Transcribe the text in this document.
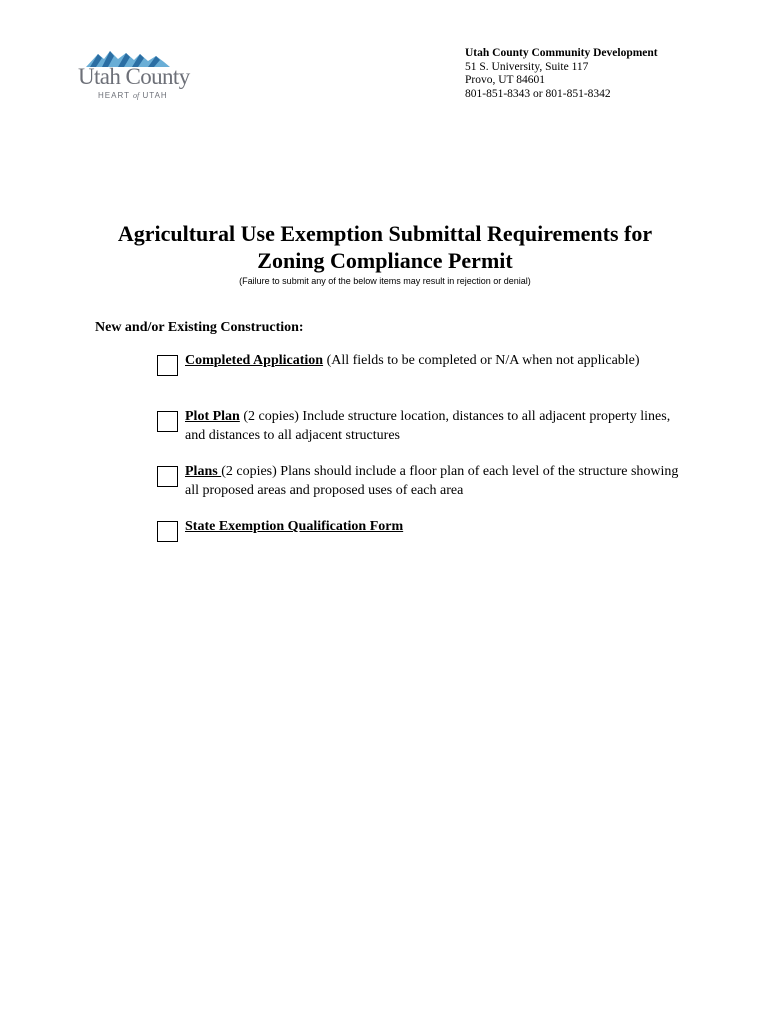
Utah County
HEART of UTAH
Utah County Community Development
51 S. University, Suite 117
Provo, UT 84601
801-851-8343 or 801-851-8342
Agricultural Use Exemption Submittal Requirements for
Zoning Compliance Permit
(Failure to submit any of the below items may result in rejection or denial)
New and/or Existing Construction:
Completed Application (All fields to be completed or N/A when not applicable)
Plot Plan (2 copies) Include structure location, distances to all adjacent property lines, and distances to all adjacent structures
Plans (2 copies) Plans should include a floor plan of each level of the structure showing all proposed areas and proposed uses of each area
State Exemption Qualification Form
